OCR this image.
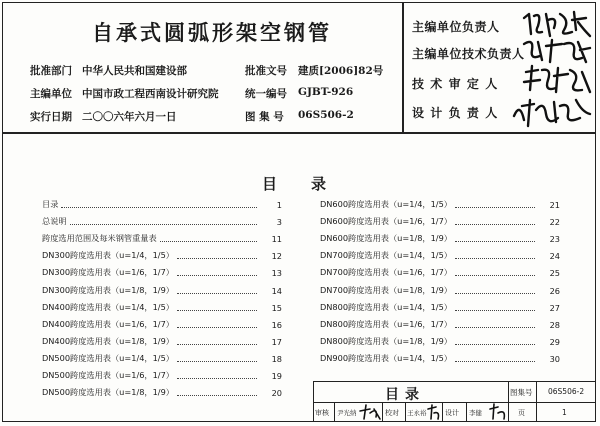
自承式圆弧形架空钢管
批准部门 中华人民共和国建设部	批准文号 建质[2006]82号
主编单位 中国市政工程西南设计研究院	统一编号 GJBT-926
实行日期 二〇〇六年六月一日	图 集 号 06S506-2
主编单位负责人
主编单位技术负责人
技术审定人
设计负责人
目录
目录	1
总说明	3
跨度选用范围及每米钢管重量表	11
DN300跨度选用表（u=1/4，1/5）	12
DN300跨度选用表（u=1/6，1/7）	13
DN300跨度选用表（u=1/8，1/9）	14
DN400跨度选用表（u=1/4，1/5）	15
DN400跨度选用表（u=1/6，1/7）	16
DN400跨度选用表（u=1/8，1/9）	17
DN500跨度选用表（u=1/4，1/5）	18
DN500跨度选用表（u=1/6，1/7）	19
DN500跨度选用表（u=1/8，1/9）	20
DN600跨度选用表（u=1/4，1/5）	21
DN600跨度选用表（u=1/6，1/7）	22
DN600跨度选用表（u=1/8，1/9）	23
DN700跨度选用表（u=1/4，1/5）	24
DN700跨度选用表（u=1/6，1/7）	25
DN700跨度选用表（u=1/8，1/9）	26
DN800跨度选用表（u=1/4，1/5）	27
DN800跨度选用表（u=1/6，1/7）	28
DN800跨度选用表（u=1/8，1/9）	29
DN900跨度选用表（u=1/4，1/5）	30
目录	图集号 06S506-2
审核 尹光纳	校对 王永裕	设计 李健	页	1
